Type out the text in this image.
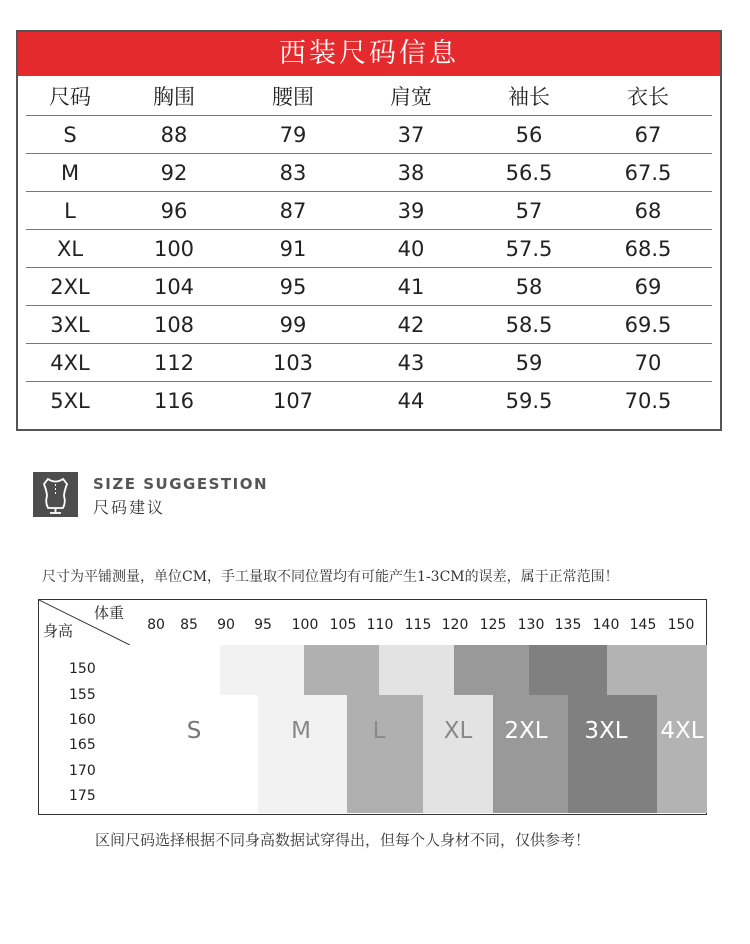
西装尺码信息
尺码	胸围	腰围	肩宽	袖长	衣长
S	88	79	37	56	67
M	92	83	38	56.5	67.5
L	96	87	39	57	68
XL	100	91	40	57.5	68.5
2XL	104	95	41	58	69
3XL	108	99	42	58.5	69.5
4XL	112	103	43	59	70
5XL	116	107	44	59.5	70.5
SIZE SUGGESTION
尺码建议
尺寸为平铺测量，单位CM，手工量取不同位置均有可能产生1-3CM的误差，属于正常范围！
体重
身高	80 85 90 95 100 105 110 115 120 125 130 135 140 145 150
150
155
160
165
170
175
S	M	L	XL 2XL 3XL 4XL
区间尺码选择根据不同身高数据试穿得出，但每个人身材不同，仅供参考！
